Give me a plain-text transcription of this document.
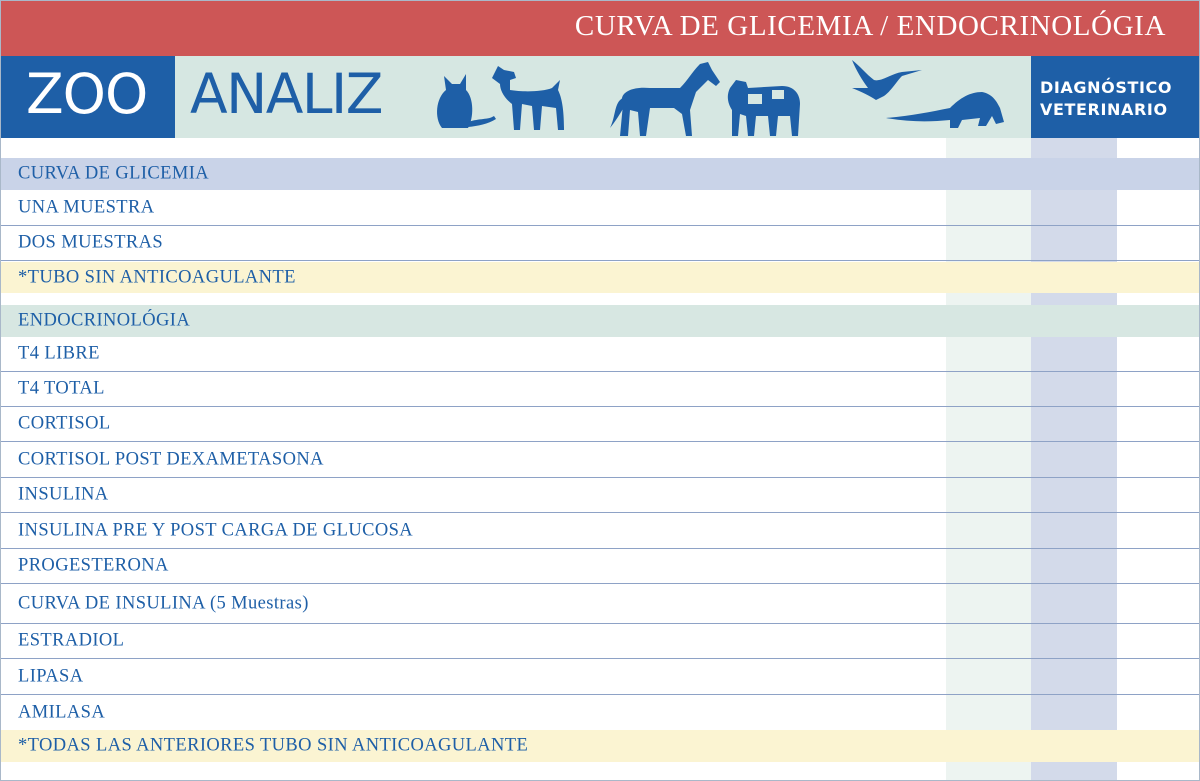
CURVA DE GLICEMIA / ENDOCRINOLÓGIA
ZOO ANALIZ	DIAGNÓSTICO
VETERINARIO
CURVA DE GLICEMIA
UNA MUESTRA
DOS MUESTRAS
*TUBO SIN ANTICOAGULANTE
ENDOCRINOLÓGIA
T4 LIBRE
T4 TOTAL
CORTISOL
CORTISOL POST DEXAMETASONA
INSULINA
INSULINA PRE Y POST CARGA DE GLUCOSA
PROGESTERONA
CURVA DE INSULINA (5 Muestras)
ESTRADIOL
LIPASA
AMILASA
*TODAS LAS ANTERIORES TUBO SIN ANTICOAGULANTE
